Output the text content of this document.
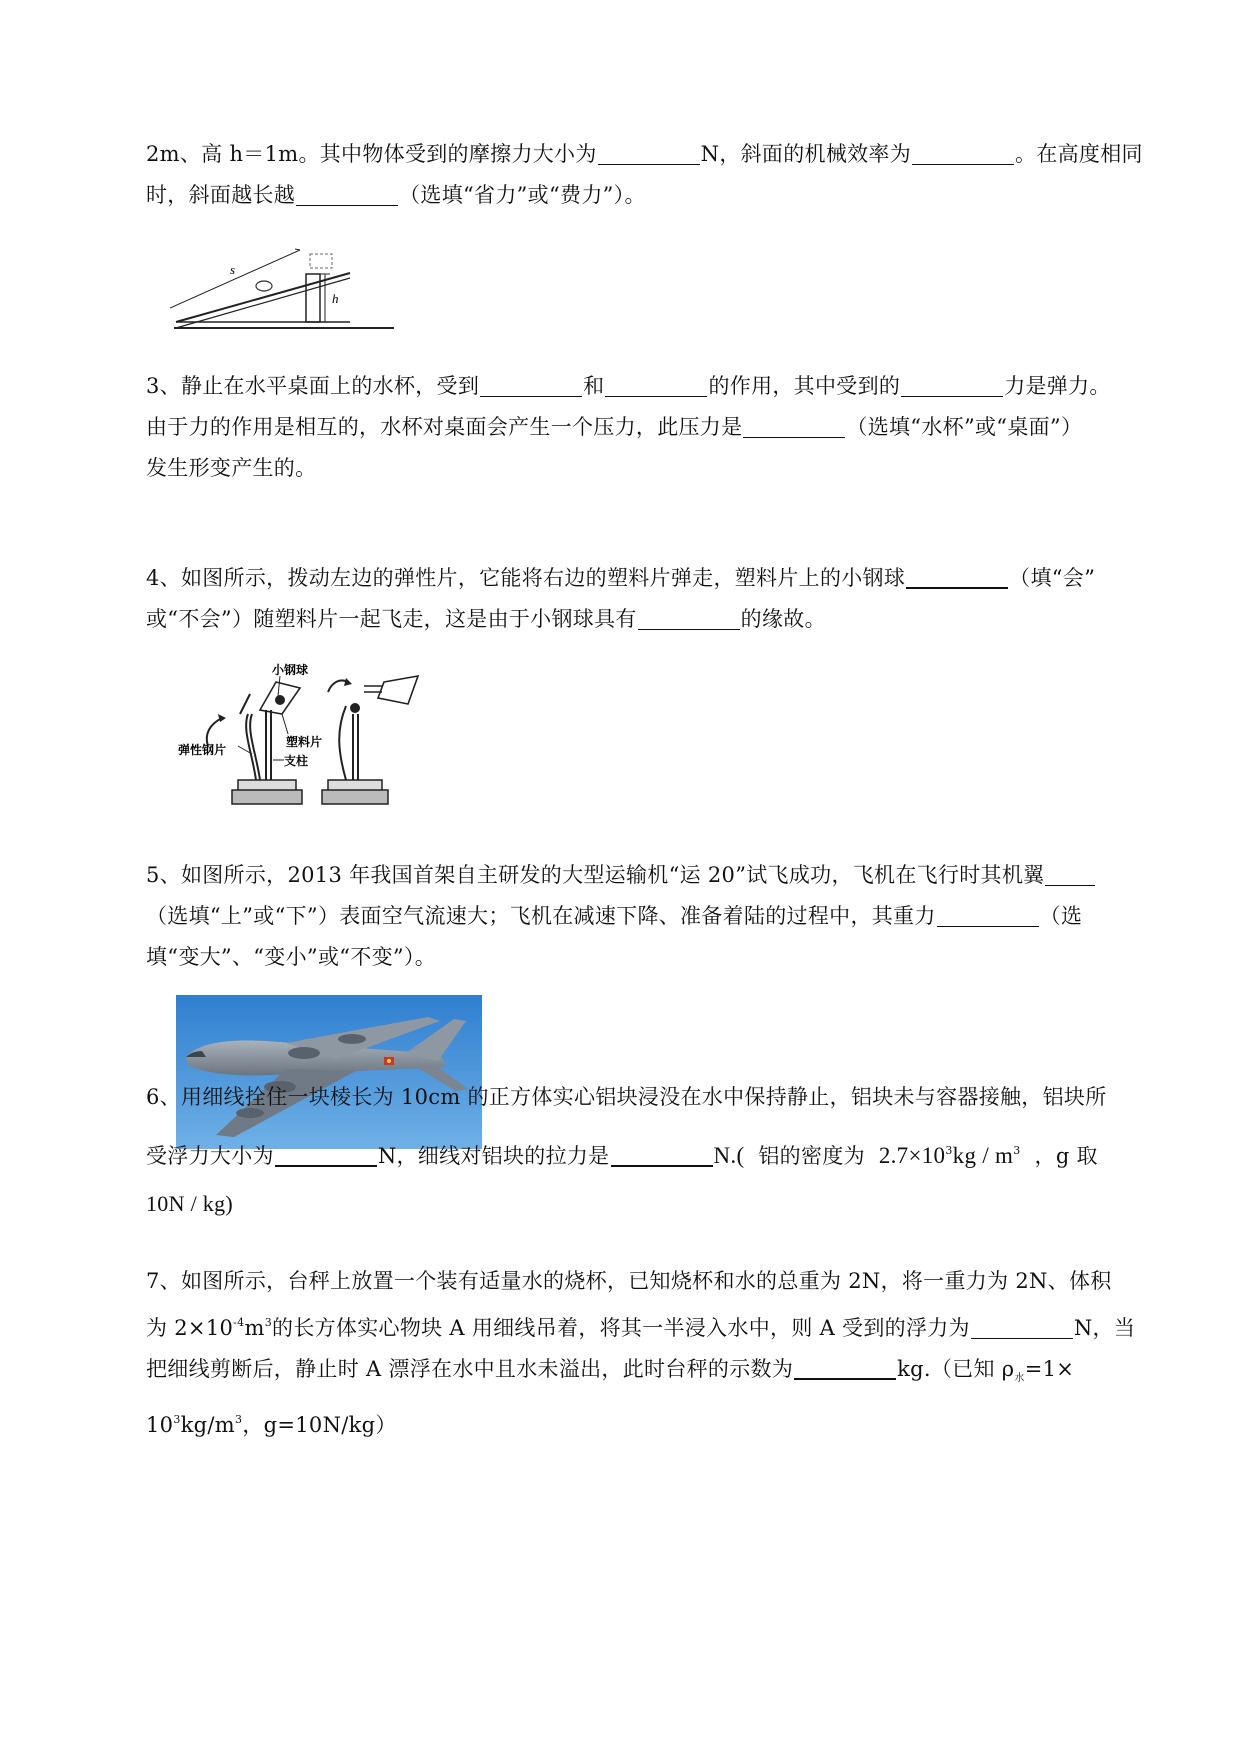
2m、高 h＝1m。其中物体受到的摩擦力大小为	N，斜面的机械效率为	。在高度相同
时，斜面越长越	（选填“省力”或“费力”）。
h
s
3、静止在水平桌面上的水杯，受到	和	的作用，其中受到的	力是弹力。
由于力的作用是相互的，水杯对桌面会产生一个压力，此压力是	（选填“水杯”或“桌面”）
发生形变产生的。
4、如图所示，拨动左边的弹性片，它能将右边的塑料片弹走，塑料片上的小钢球	（填“会”
或“不会”）随塑料片一起飞走，这是由于小钢球具有	的缘故。
小钢球
塑料片
支柱
弹性钢片
5、如图所示，2013 年我国首架自主研发的大型运输机“运 20”试飞成功，飞机在飞行时其机翼
（选填“上”或“下”）表面空气流速大；飞机在减速下降、准备着陆的过程中，其重力	（选
填“变大”、“变小”或“不变”）。
6、用细线拴住一块棱长为 10cm 的正方体实心铝块浸没在水中保持静止，铝块未与容器接触，铝块所
受浮力大小为	N，细线对铝块的拉力是	N.( 铝的密度为 $2.7\times 10^3kg / m^3$ ，g 取
10N / kg)
7、如图所示，台秤上放置一个装有适量水的烧杯，已知烧杯和水的总重为 2N，将一重力为 2N、体积
为 $2\times 10^{-4}m^3$的长方体实心物块 A 用细线吊着，将其一半浸入水中，则 A 受到的浮力为	N，当
把细线剪断后，静止时 A 漂浮在水中且水未溢出，此时台秤的示数为	kg.（已知 $\rho_水=1\times$
$10^3kg/m^3$，g=10N/kg）
